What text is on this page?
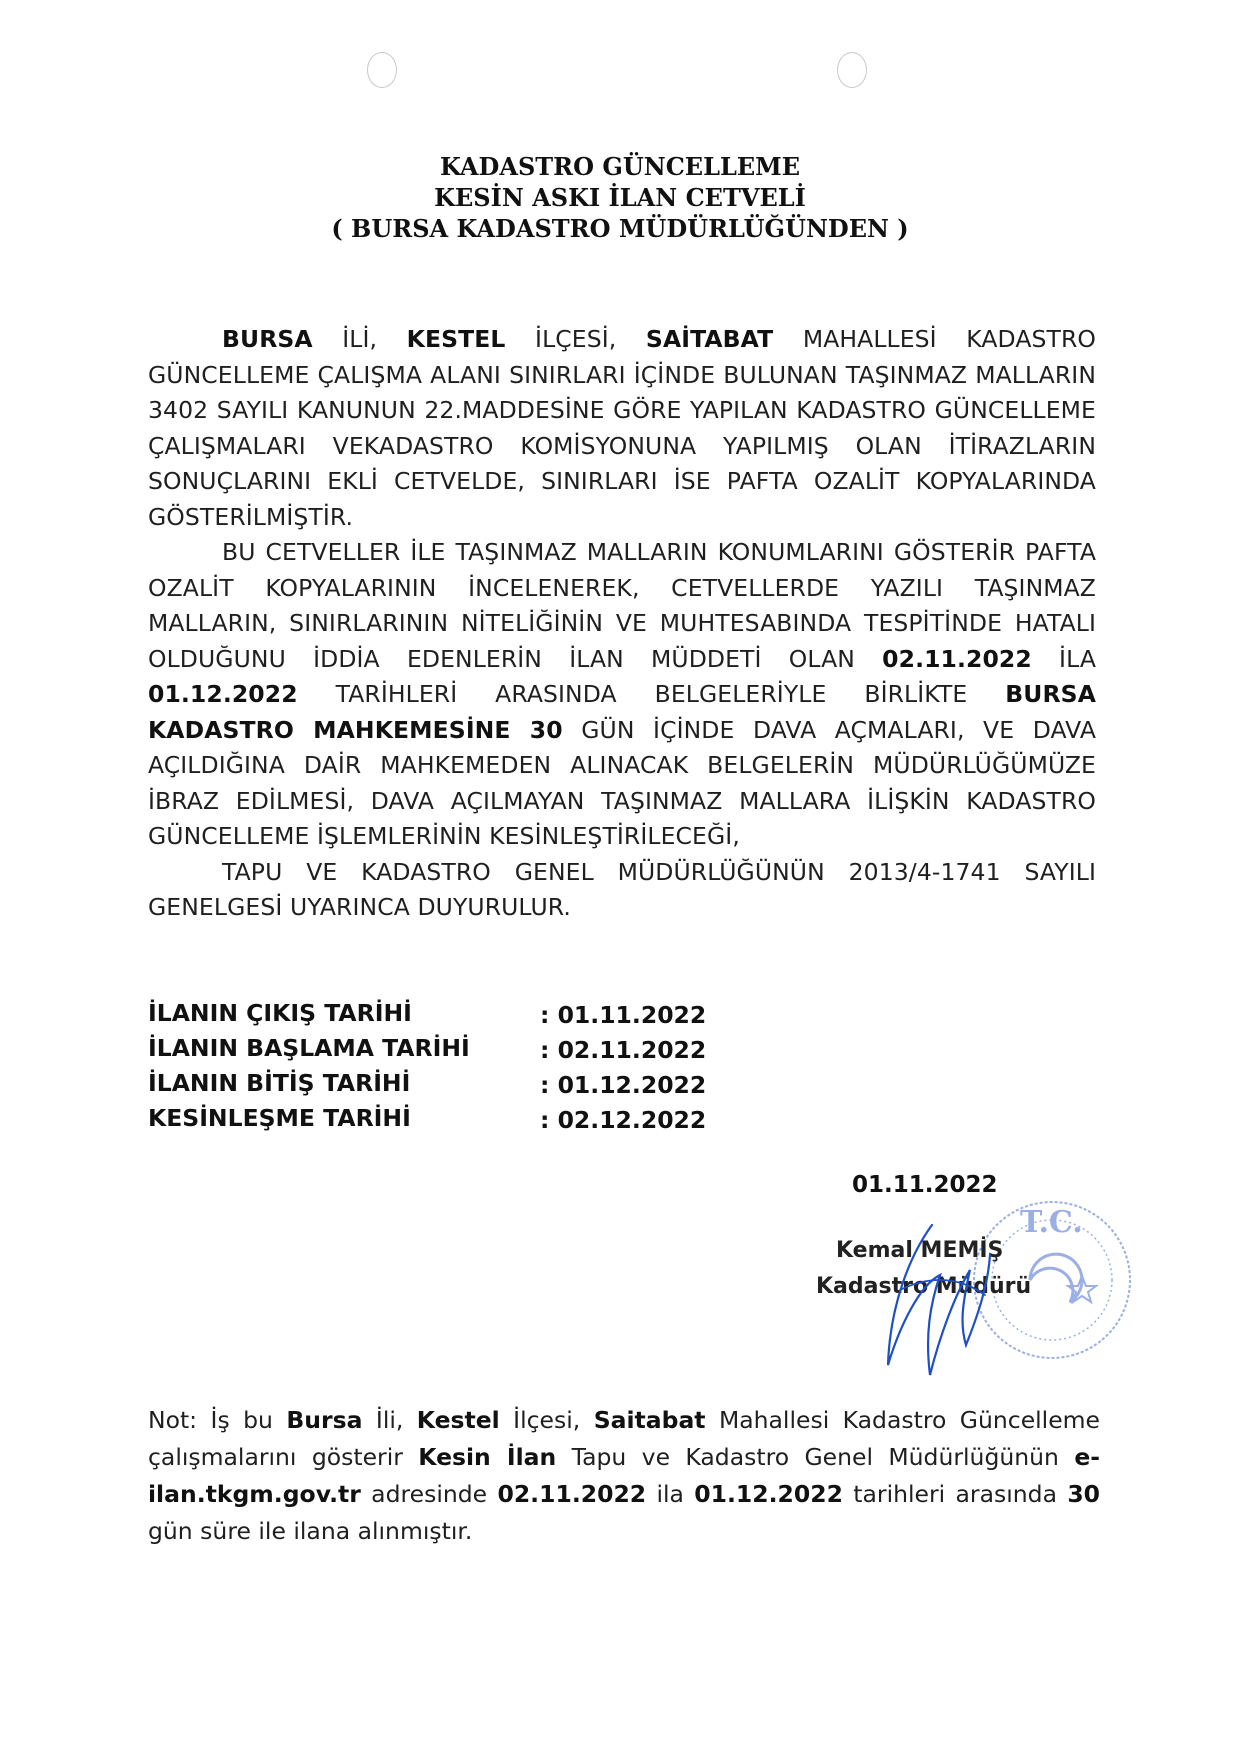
KADASTRO GÜNCELLEME
KESİN ASKI İLAN CETVELİ
( BURSA KADASTRO MÜDÜRLÜĞÜNDEN )

BURSA İLİ, KESTEL İLÇESİ, SAİTABAT MAHALLESİ KADASTRO GÜNCELLEME ÇALIŞMA ALANI SINIRLARI İÇİNDE BULUNAN TAŞINMAZ MALLARIN 3402 SAYILI KANUNUN 22.MADDESİNE GÖRE YAPILAN KADASTRO GÜNCELLEME ÇALIŞMALARI VEKADASTRO KOMİSYONUNA YAPILMIŞ OLAN İTİRAZLARIN SONUÇLARINI EKLİ CETVELDE, SINIRLARI İSE PAFTA OZALİT KOPYALARINDA GÖSTERİLMİŞTİR.

BU CETVELLER İLE TAŞINMAZ MALLARIN KONUMLARINI GÖSTERİR PAFTA OZALİT KOPYALARININ İNCELENEREK, CETVELLERDE YAZILI TAŞINMAZ MALLARIN, SINIRLARININ NİTELİĞİNİN VE MUHTESABINDA TESPİTİNDE HATALI OLDUĞUNU İDDİA EDENLERİN İLAN MÜDDETİ OLAN 02.11.2022 İLA 01.12.2022 TARİHLERİ ARASINDA BELGELERİYLE BİRLİKTE BURSA KADASTRO MAHKEMESİNE 30 GÜN İÇİNDE DAVA AÇMALARI, VE DAVA AÇILDIĞINA DAİR MAHKEMEDEN ALINACAK BELGELERİN MÜDÜRLÜĞÜMÜZE İBRAZ EDİLMESİ, DAVA AÇILMAYAN TAŞINMAZ MALLARA İLİŞKİN KADASTRO GÜNCELLEME İŞLEMLERİNİN KESİNLEŞTİRİLECEĞİ,

TAPU VE KADASTRO GENEL MÜDÜRLÜĞÜNÜN 2013/4-1741 SAYILI GENELGESİ UYARINCA DUYURULUR.

İLANIN ÇIKIŞ TARİHİ	: 01.11.2022
İLANIN BAŞLAMA TARİHİ	: 02.11.2022
İLANIN BİTİŞ TARİHİ	: 01.12.2022
KESİNLEŞME TARİHİ	: 02.12.2022
T.C.
01.11.2022
Kemal MEMİŞ
Kadastro Müdürü

Not: İş bu Bursa İli, Kestel İlçesi, Saitabat Mahallesi Kadastro Güncelleme çalışmalarını gösterir Kesin İlan Tapu ve Kadastro Genel Müdürlüğünün e-ilan.tkgm.gov.tr adresinde 02.11.2022 ila 01.12.2022 tarihleri arasında 30 gün süre ile ilana alınmıştır.
